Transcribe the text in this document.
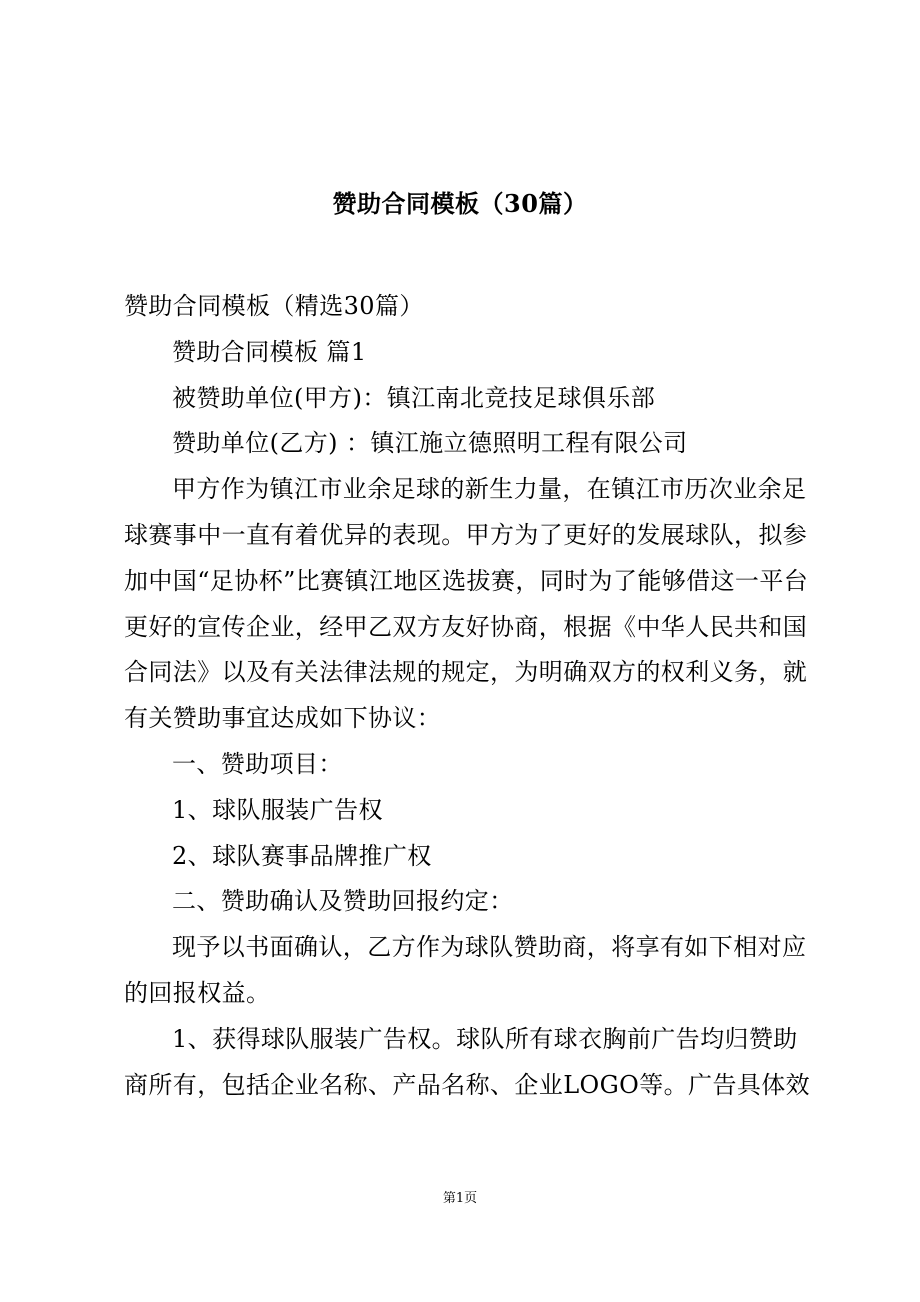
赞助合同模板（30篇）

赞助合同模板（精选30篇）

赞助合同模板 篇1

被赞助单位(甲方)：镇江南北竞技足球俱乐部

赞助单位(乙方) ：镇江施立德照明工程有限公司

甲方作为镇江市业余足球的新生力量，在镇江市历次业余足球赛事中一直有着优异的表现。甲方为了更好的发展球队，拟参加中国“足协杯”比赛镇江地区选拔赛，同时为了能够借这一平台更好的宣传企业，经甲乙双方友好协商，根据《中华人民共和国合同法》以及有关法律法规的规定，为明确双方的权利义务，就有关赞助事宜达成如下协议：

一、赞助项目：

1、球队服装广告权

2、球队赛事品牌推广权

二、赞助确认及赞助回报约定：

现予以书面确认，乙方作为球队赞助商，将享有如下相对应的回报权益。

1、获得球队服装广告权。球队所有球衣胸前广告均归赞助商所有，包括企业名称、产品名称、企业LOGO等。广告具体效

第1页
